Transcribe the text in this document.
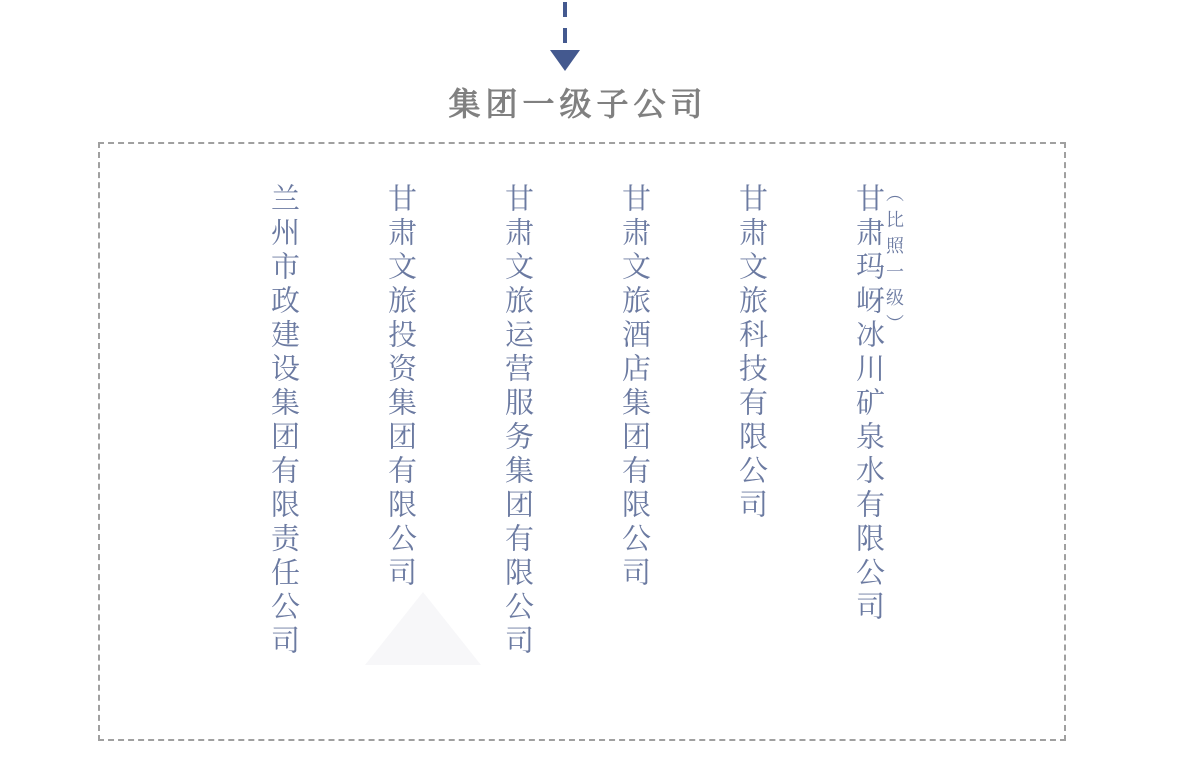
集团一级子公司
兰州市政建设集团有限责任公司	甘肃文旅投资集团有限公司	甘肃文旅运营服务集团有限公司	甘肃文旅酒店集团有限公司	甘肃文旅科技有限公司	甘肃玛岈冰川矿泉水有限公司 （比照一级）
